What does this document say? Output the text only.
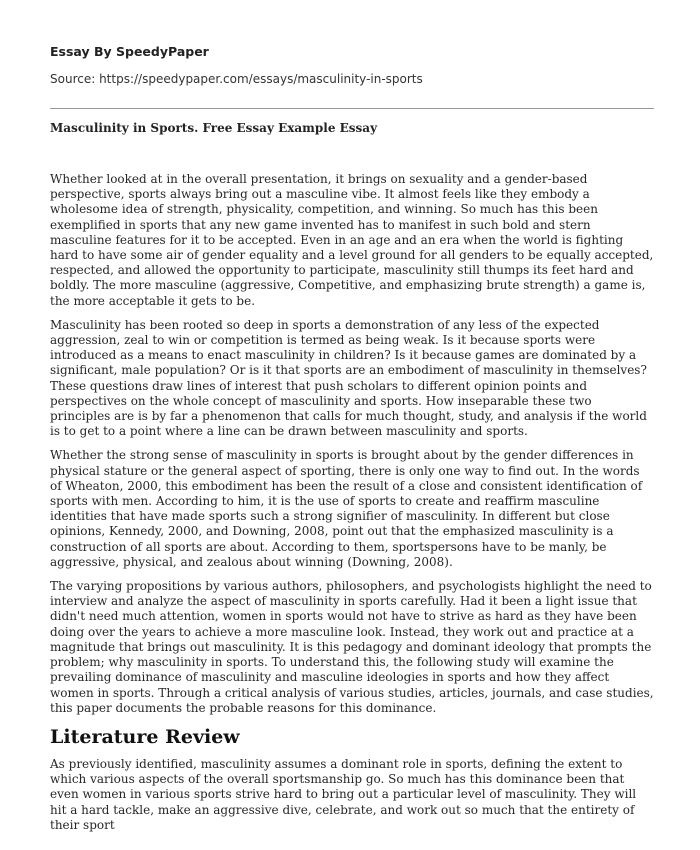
Essay By SpeedyPaper
Source: https://speedypaper.com/essays/masculinity-in-sports
Masculinity in Sports. Free Essay Example Essay

Whether looked at in the overall presentation, it brings on sexuality and a gender-based perspective, sports always bring out a masculine vibe. It almost feels like they embody a wholesome idea of strength, physicality, competition, and winning. So much has this been exemplified in sports that any new game invented has to manifest in such bold and stern masculine features for it to be accepted. Even in an age and an era when the world is fighting hard to have some air of gender equality and a level ground for all genders to be equally accepted, respected, and allowed the opportunity to participate, masculinity still thumps its feet hard and boldly. The more masculine (aggressive, Competitive, and emphasizing brute strength) a game is, the more acceptable it gets to be.

Masculinity has been rooted so deep in sports a demonstration of any less of the expected aggression, zeal to win or competition is termed as being weak. Is it because sports were introduced as a means to enact masculinity in children? Is it because games are dominated by a significant, male population? Or is it that sports are an embodiment of masculinity in themselves? These questions draw lines of interest that push scholars to different opinion points and perspectives on the whole concept of masculinity and sports. How inseparable these two principles are is by far a phenomenon that calls for much thought, study, and analysis if the world is to get to a point where a line can be drawn between masculinity and sports.

Whether the strong sense of masculinity in sports is brought about by the gender differences in physical stature or the general aspect of sporting, there is only one way to find out. In the words of Wheaton, 2000, this embodiment has been the result of a close and consistent identification of sports with men. According to him, it is the use of sports to create and reaffirm masculine identities that have made sports such a strong signifier of masculinity. In different but close opinions, Kennedy, 2000, and Downing, 2008, point out that the emphasized masculinity is a construction of all sports are about. According to them, sportspersons have to be manly, be aggressive, physical, and zealous about winning (Downing, 2008).

The varying propositions by various authors, philosophers, and psychologists highlight the need to interview and analyze the aspect of masculinity in sports carefully. Had it been a light issue that didn't need much attention, women in sports would not have to strive as hard as they have been doing over the years to achieve a more masculine look. Instead, they work out and practice at a magnitude that brings out masculinity. It is this pedagogy and dominant ideology that prompts the problem; why masculinity in sports. To understand this, the following study will examine the prevailing dominance of masculinity and masculine ideologies in sports and how they affect women in sports. Through a critical analysis of various studies, articles, journals, and case studies, this paper documents the probable reasons for this dominance.

Literature Review

As previously identified, masculinity assumes a dominant role in sports, defining the extent to which various aspects of the overall sportsmanship go. So much has this dominance been that even women in various sports strive hard to bring out a particular level of masculinity. They will hit a hard tackle, make an aggressive dive, celebrate, and work out so much that the entirety of their sport
